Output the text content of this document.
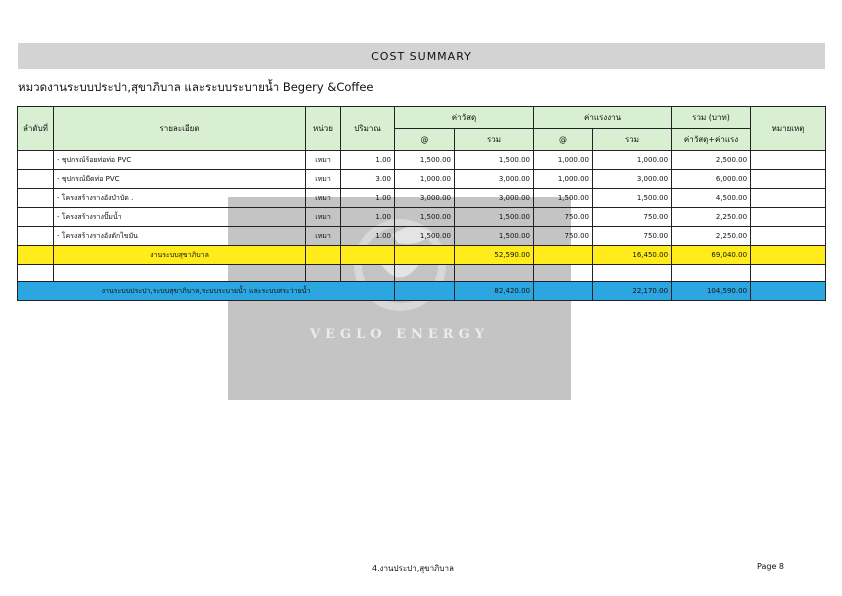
COST SUMMARY
หมวดงานระบบประปา,สุขาภิบาล และระบบระบายน้ำ Begery &Coffee
VEGLO ENERGY
ลำดับที่	รายละเอียด	หน่วย	ปริมาณ	ค่าวัสดุ		ค่าแรงงาน		รวม (บาท)	หมายเหตุ
				@	รวม	@	รวม	ค่าวัสดุ+ค่าแรง	
	- ชุปกรณ์ร้อยท่อท่อ PVC	เหมา	1.00	1,500.00	1,500.00	1,000.00	1,000.00	2,500.00	
	- ชุปกรณ์มีดท่อ PVC	เหมา	3.00	1,000.00	3,000.00	1,000.00	3,000.00	6,000.00	
	- โครงสร้างรางอังบำบัด .	เหมา	1.00	3,000.00	3,000.00	1,500.00	1,500.00	4,500.00	
	- โครงสร้างรางปั๊มน้ำ	เหมา	1.00	1,500.00	1,500.00	750.00	750.00	2,250.00	
	- โครงสร้างรางอังดักไขมัน	เหมา	1.00	1,500.00	1,500.00	750.00	750.00	2,250.00	
	งานระบบสุขาภิบาล				52,590.00		16,450.00	69,040.00	

งานระบบประปา,ระบบสุขาภิบาล,ระบบระบายน้ำ และระบบสระว่ายน้ำ					82,420.00		22,170.00	104,590.00	
4.งานประปา,สุขาภิบาล	Page 8
